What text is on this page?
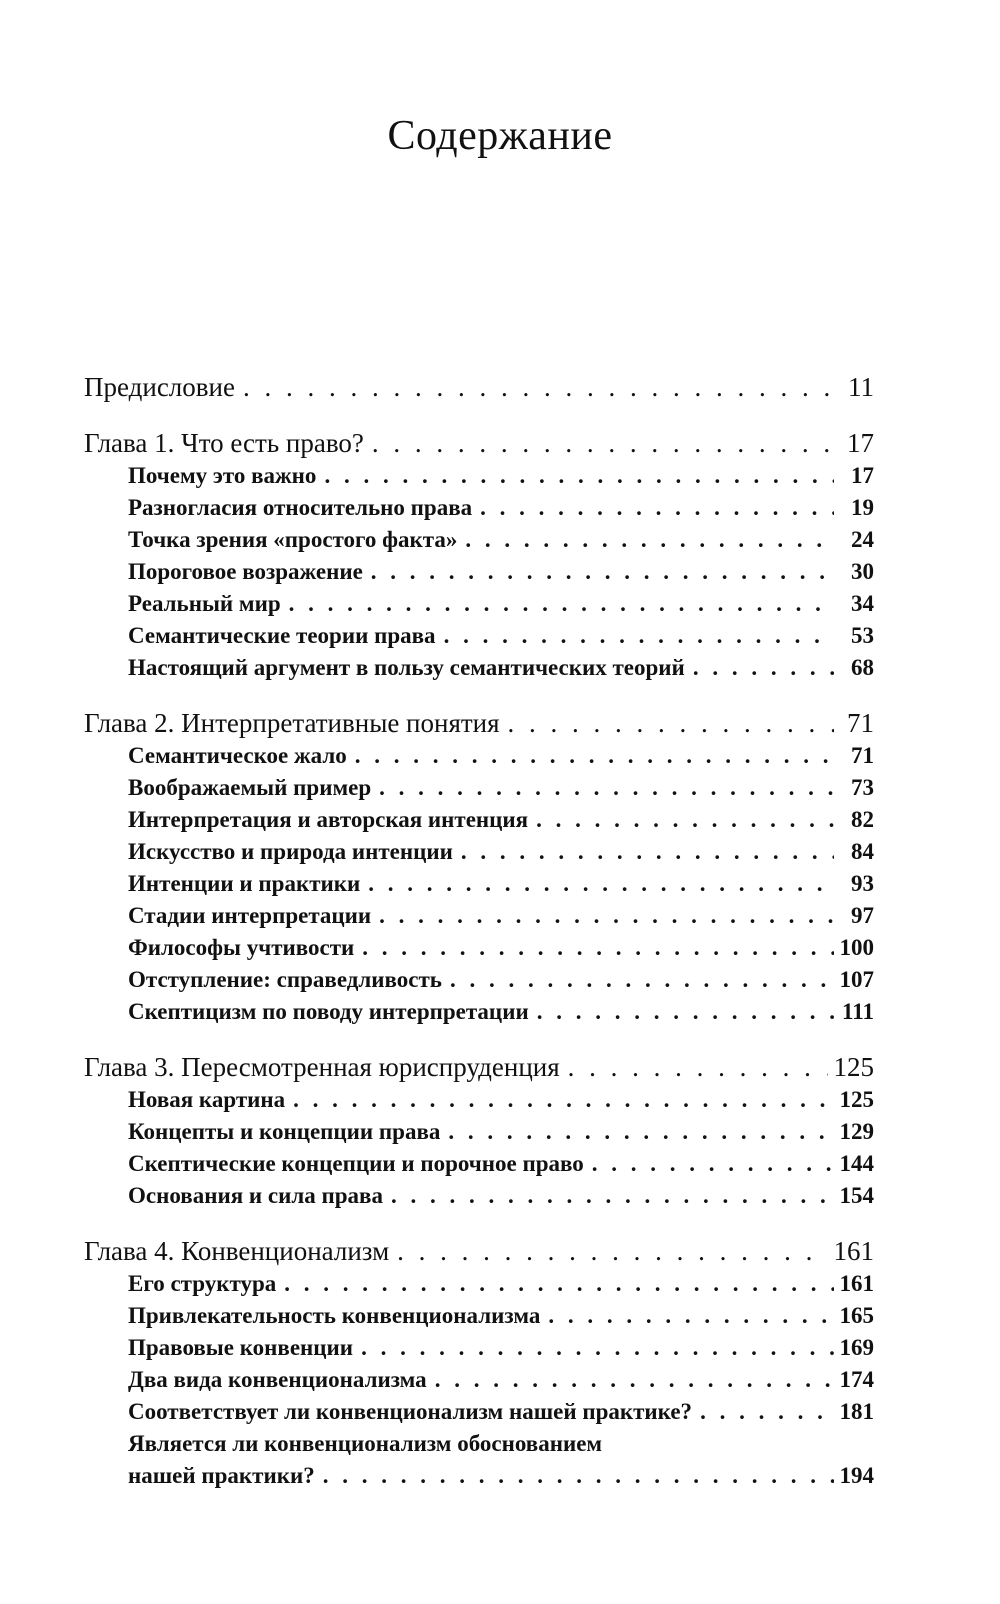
Содержание
Предисловие . . .	11
Глава 1. Что есть право? . . .	17
Почему это важно . . .	17
Разногласия относительно права . . .	19
Точка зрения «простого факта» . . .	24
Пороговое возражение . . .	30
Реальный мир . . .	34
Семантические теории права . . .	53
Настоящий аргумент в пользу семантических теорий . . .	68
Глава 2. Интерпретативные понятия . . .	71
Семантическое жало . . .	71
Воображаемый пример . . .	73
Интерпретация и авторская интенция . . .	82
Искусство и природа интенции . . .	84
Интенции и практики . . .	93
Стадии интерпретации . . .	97
Философы учтивости . . .	100
Отступление: справедливость . . .	107
Скептицизм по поводу интерпретации . . .	111
Глава 3. Пересмотренная юриспруденция . . .	125
Новая картина . . .	125
Концепты и концепции права . . .	129
Скептические концепции и порочное право . . .	144
Основания и сила права . . .	154
Глава 4. Конвенционализм . . .	161
Его структура . . .	161
Привлекательность конвенционализма . . .	165
Правовые конвенции . . .	169
Два вида конвенционализма . . .	174
Соответствует ли конвенционализм нашей практике? . . .	181
Является ли конвенционализм обоснованием
нашей практики? . . .	194
